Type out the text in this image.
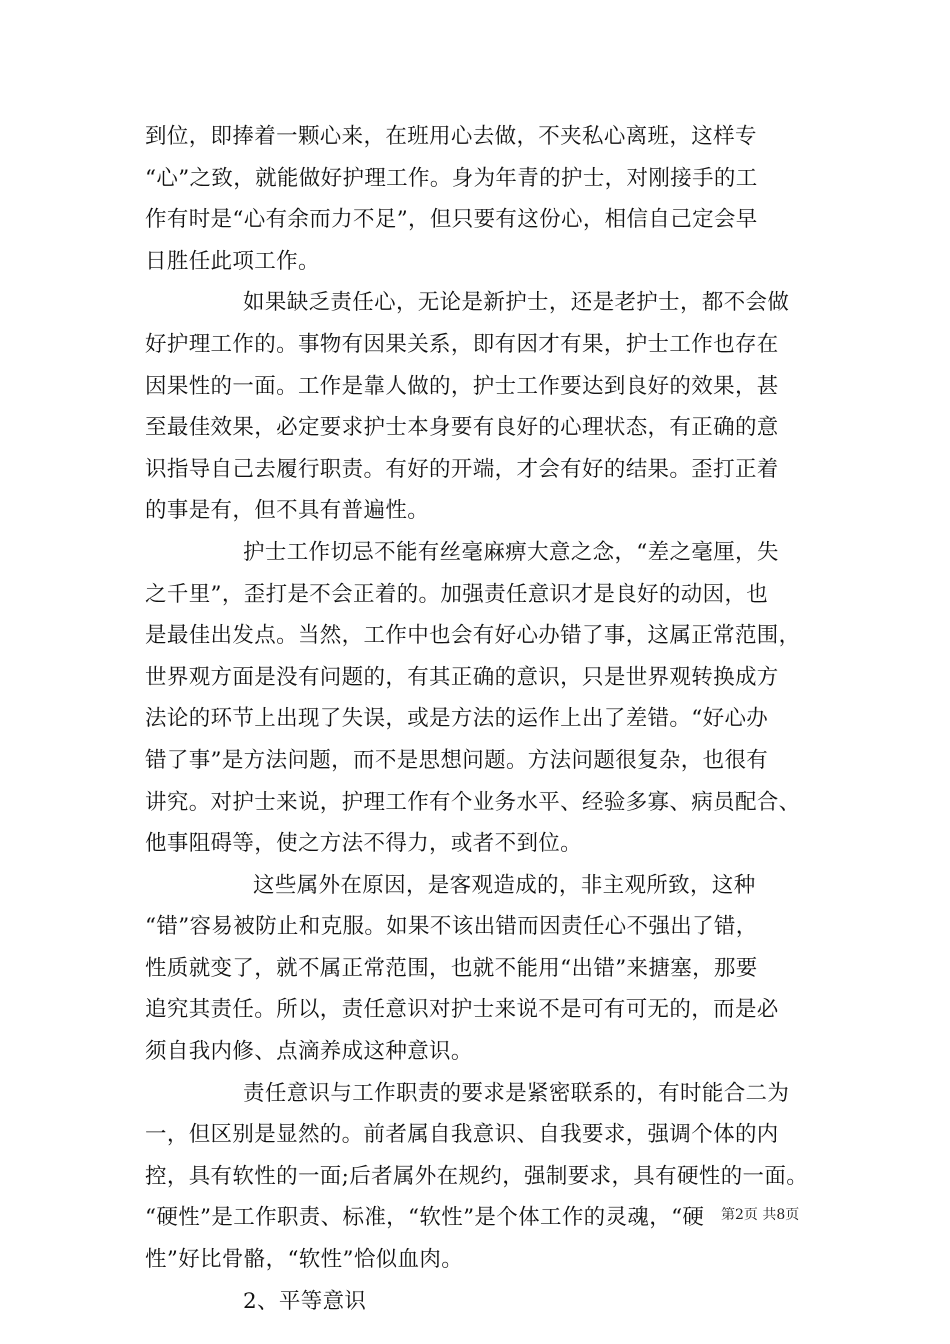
到位，即捧着一颗心来，在班用心去做，不夹私心离班，这样专
“心”之致，就能做好护理工作。身为年青的护士，对刚接手的工
作有时是“心有余而力不足”，但只要有这份心，相信自己定会早
日胜任此项工作。
如果缺乏责任心，无论是新护士，还是老护士，都不会做
好护理工作的。事物有因果关系，即有因才有果，护士工作也存在
因果性的一面。工作是靠人做的，护士工作要达到良好的效果，甚
至最佳效果，必定要求护士本身要有良好的心理状态，有正确的意
识指导自己去履行职责。有好的开端，才会有好的结果。歪打正着
的事是有，但不具有普遍性。
护士工作切忌不能有丝毫麻痹大意之念，“差之毫厘，失
之千里”，歪打是不会正着的。加强责任意识才是良好的动因，也
是最佳出发点。当然，工作中也会有好心办错了事，这属正常范围，
世界观方面是没有问题的，有其正确的意识，只是世界观转换成方
法论的环节上出现了失误，或是方法的运作上出了差错。“好心办
错了事”是方法问题，而不是思想问题。方法问题很复杂，也很有
讲究。对护士来说，护理工作有个业务水平、经验多寡、病员配合、
他事阻碍等，使之方法不得力，或者不到位。
这些属外在原因，是客观造成的，非主观所致，这种
“错”容易被防止和克服。如果不该出错而因责任心不强出了错，
性质就变了，就不属正常范围，也就不能用“出错”来搪塞，那要
追究其责任。所以，责任意识对护士来说不是可有可无的，而是必
须自我内修、点滴养成这种意识。
责任意识与工作职责的要求是紧密联系的，有时能合二为
一，但区别是显然的。前者属自我意识、自我要求，强调个体的内
控，具有软性的一面;后者属外在规约，强制要求，具有硬性的一面。
“硬性”是工作职责、标准，“软性”是个体工作的灵魂，“硬
性”好比骨骼，“软性”恰似血肉。
2、平等意识
第2页 共8页
